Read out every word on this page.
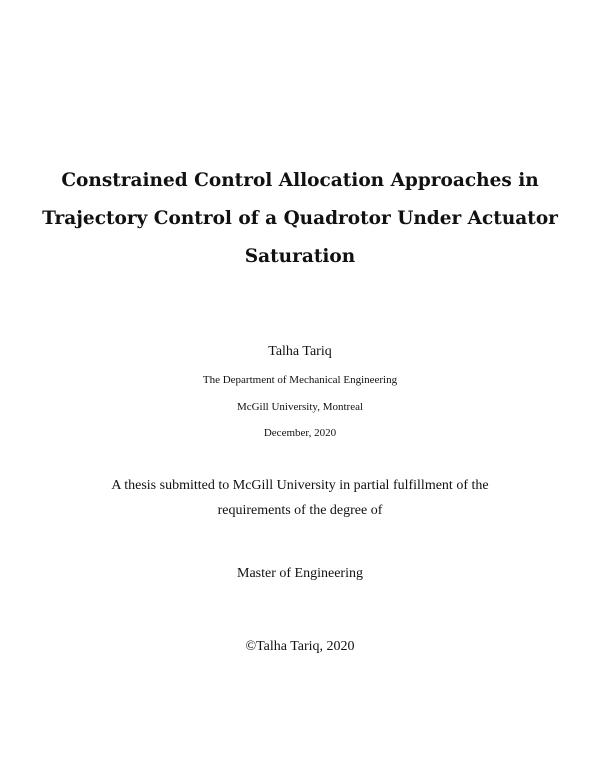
Constrained Control Allocation Approaches in Trajectory Control of a Quadrotor Under Actuator Saturation
Talha Tariq
The Department of Mechanical Engineering
McGill University, Montreal
December, 2020
A thesis submitted to McGill University in partial fulfillment of the
requirements of the degree of
Master of Engineering
©Talha Tariq, 2020
